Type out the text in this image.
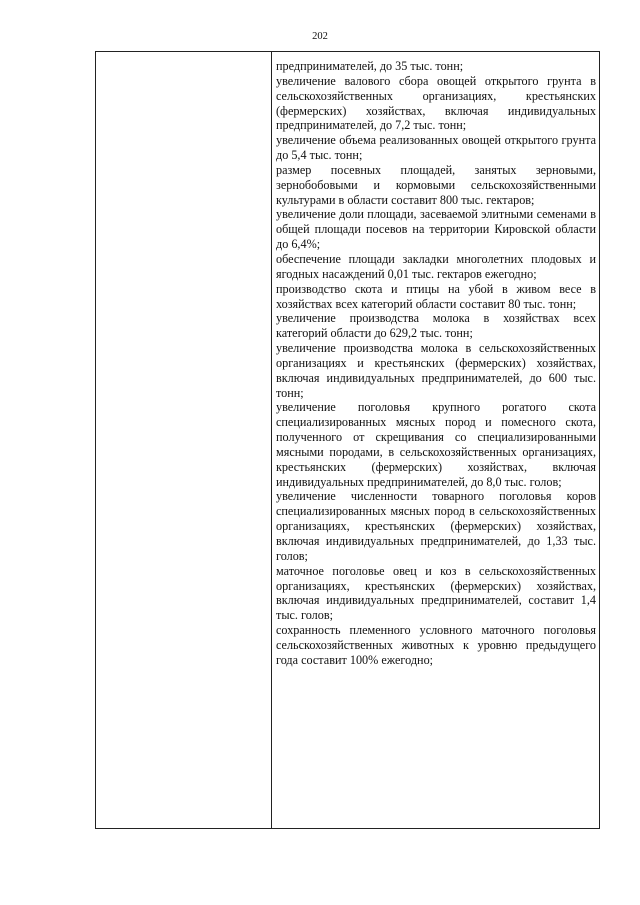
202

предпринимателей, до 35 тыс. тонн;

увеличение валового сбора овощей открытого грунта в сельскохозяйственных организациях, крестьянских (фермерских) хозяйствах, включая индивидуальных предпринимателей, до 7,2 тыс. тонн;

увеличение объема реализованных овощей открытого грунта до 5,4 тыс. тонн;

размер посевных площадей, занятых зерновыми, зернобобовыми и кормовыми сельскохозяйственными культурами в области составит 800 тыс. гектаров;

увеличение доли площади, засеваемой элитными семенами в общей площади посевов на территории Кировской области до 6,4%;

обеспечение площади закладки многолетних плодовых и ягодных насаждений 0,01 тыс. гектаров ежегодно;

производство скота и птицы на убой в живом весе в хозяйствах всех категорий области составит 80 тыс. тонн;

увеличение производства молока в хозяйствах всех категорий области до 629,2 тыс. тонн;

увеличение производства молока в сельскохозяйственных организациях и крестьянских (фермерских) хозяйствах, включая индивидуальных предпринимателей, до 600 тыс. тонн;

увеличение поголовья крупного рогатого скота специализированных мясных пород и помесного скота, полученного от скрещивания со специализированными мясными породами, в сельскохозяйственных организациях, крестьянских (фермерских) хозяйствах, включая индивидуальных предпринимателей, до 8,0 тыс. голов;

увеличение численности товарного поголовья коров специализированных мясных пород в сельскохозяйственных организациях, крестьянских (фермерских) хозяйствах, включая индивидуальных предпринимателей, до 1,33 тыс. голов;

маточное поголовье овец и коз в сельскохозяйственных организациях, крестьянских (фермерских) хозяйствах, включая индивидуальных предпринимателей, составит 1,4 тыс. голов;

сохранность племенного условного маточного поголовья сельскохозяйственных животных к уровню предыдущего года составит 100% ежегодно;
